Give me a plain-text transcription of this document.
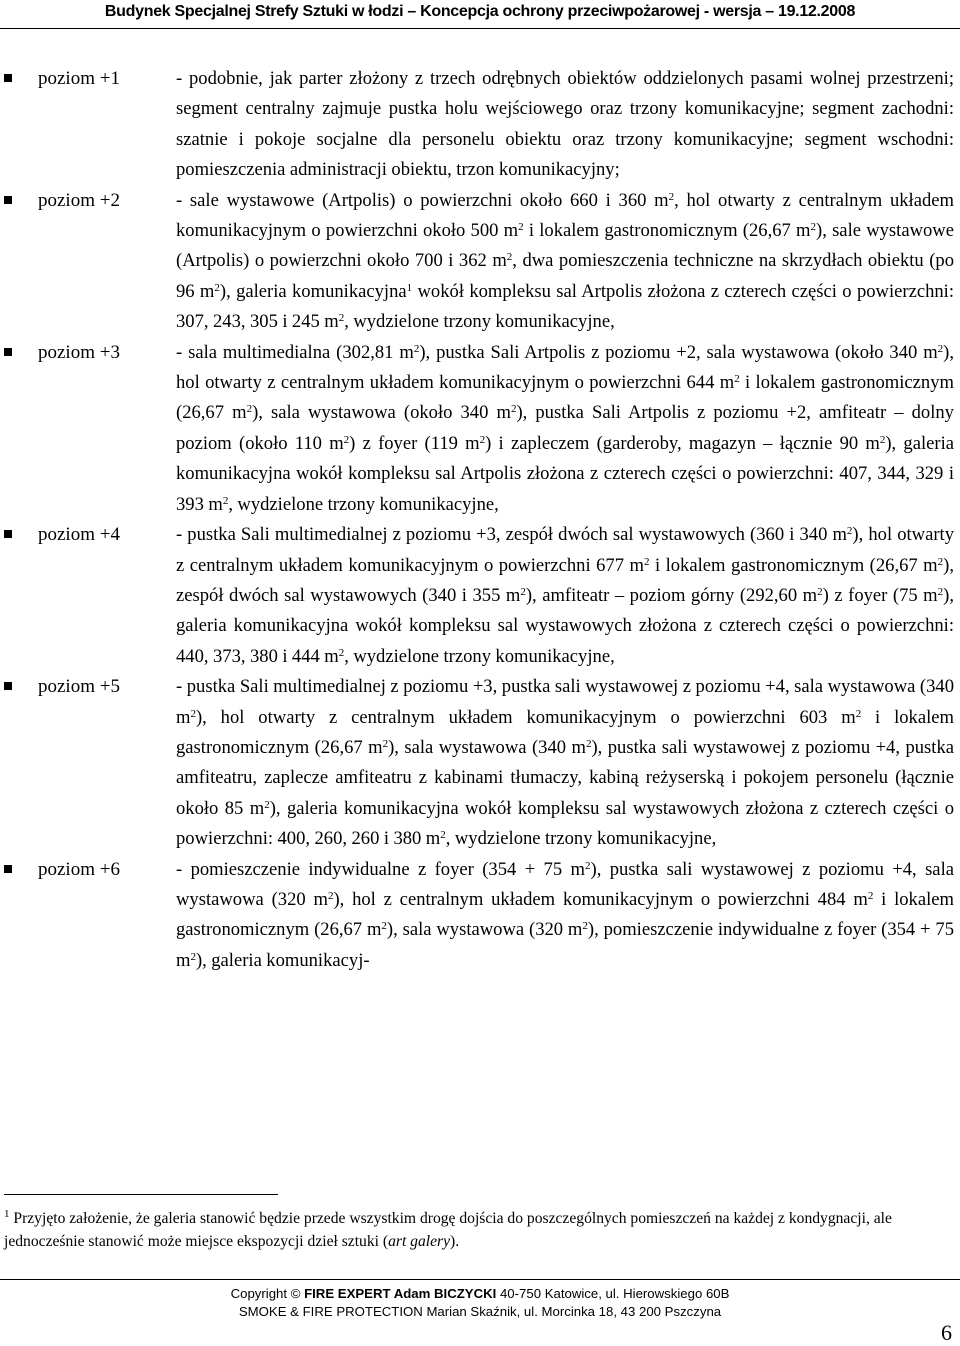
Budynek Specjalnej Strefy Sztuki w łodzi – Koncepcja ochrony przeciwpożarowej - wersja – 19.12.2008
poziom +1	- podobnie, jak parter złożony z trzech odrębnych obiektów oddzielonych pasami wolnej przestrzeni; segment centralny zajmuje pustka holu wejściowego oraz trzony komunikacyjne; segment zachodni: szatnie i pokoje socjalne dla personelu obiektu oraz trzony komunikacyjne; segment wschodni: pomieszczenia administracji obiektu, trzon komunikacyjny;
poziom +2	- sale wystawowe (Artpolis) o powierzchni około 660 i 360 $m^2$, hol otwarty z centralnym układem komunikacyjnym o powierzchni około 500 $m^2$ i lokalem gastronomicznym (26,67 $m^2$), sale wystawowe (Artpolis) o powierzchni około 700 i 362 $m^2$, dwa pomieszczenia techniczne na skrzydłach obiektu (po 96 $m^2$), galeria komunikacyjna$^1$ wokół kompleksu sal Artpolis złożona z czterech części o powierzchni: 307, 243, 305 i 245 $m^2$, wydzielone trzony komunikacyjne,
poziom +3	- sala multimedialna (302,81 $m^2$), pustka Sali Artpolis z poziomu +2, sala wystawowa (około 340 $m^2$), hol otwarty z centralnym układem komunikacyjnym o powierzchni 644 $m^2$ i lokalem gastronomicznym (26,67 $m^2$), sala wystawowa (około 340 $m^2$), pustka Sali Artpolis z poziomu +2, amfiteatr – dolny poziom (około 110 $m^2$) z foyer (119 $m^2$) i zapleczem (garderoby, magazyn – łącznie 90 $m^2$), galeria komunikacyjna wokół kompleksu sal Artpolis złożona z czterech części o powierzchni: 407, 344, 329 i 393 $m^2$, wydzielone trzony komunikacyjne,
poziom +4	- pustka Sali multimedialnej z poziomu +3, zespół dwóch sal wystawowych (360 i 340 $m^2$), hol otwarty z centralnym układem komunikacyjnym o powierzchni 677 $m^2$ i lokalem gastronomicznym (26,67 $m^2$), zespół dwóch sal wystawowych (340 i 355 $m^2$), amfiteatr – poziom górny (292,60 $m^2$) z foyer (75 $m^2$), galeria komunikacyjna wokół kompleksu sal wystawowych złożona z czterech części o powierzchni: 440, 373, 380 i 444 $m^2$, wydzielone trzony komunikacyjne,
poziom +5	- pustka Sali multimedialnej z poziomu +3, pustka sali wystawowej z poziomu +4, sala wystawowa (340 $m^2$), hol otwarty z centralnym układem komunikacyjnym o powierzchni 603 $m^2$ i lokalem gastronomicznym (26,67 $m^2$), sala wystawowa (340 $m^2$), pustka sali wystawowej z poziomu +4, pustka amfiteatru, zaplecze amfiteatru z kabinami tłumaczy, kabiną reżyserską i pokojem personelu (łącznie około 85 $m^2$), galeria komunikacyjna wokół kompleksu sal wystawowych złożona z czterech części o powierzchni: 400, 260, 260 i 380 $m^2$, wydzielone trzony komunikacyjne,
poziom +6	- pomieszczenie indywidualne z foyer (354 + 75 $m^2$), pustka sali wystawowej z poziomu +4, sala wystawowa (320 $m^2$), hol z centralnym układem komunikacyjnym o powierzchni 484 $m^2$ i lokalem gastronomicznym (26,67 $m^2$), sala wystawowa (320 $m^2$), pomieszczenie indywidualne z foyer (354 + 75 $m^2$), galeria komunikacyj-
$^1$ Przyjęto założenie, że galeria stanowić będzie przede wszystkim drogę dojścia do poszczególnych pomieszczeń na każdej z kondygnacji, ale jednocześnie stanowić może miejsce ekspozycji dzieł sztuki (art galery).
Copyright © FIRE EXPERT Adam BICZYCKI 40-750 Katowice, ul. Hierowskiego 60B
SMOKE & FIRE PROTECTION Marian Skaźnik, ul. Morcinka 18, 43 200 Pszczyna
6
